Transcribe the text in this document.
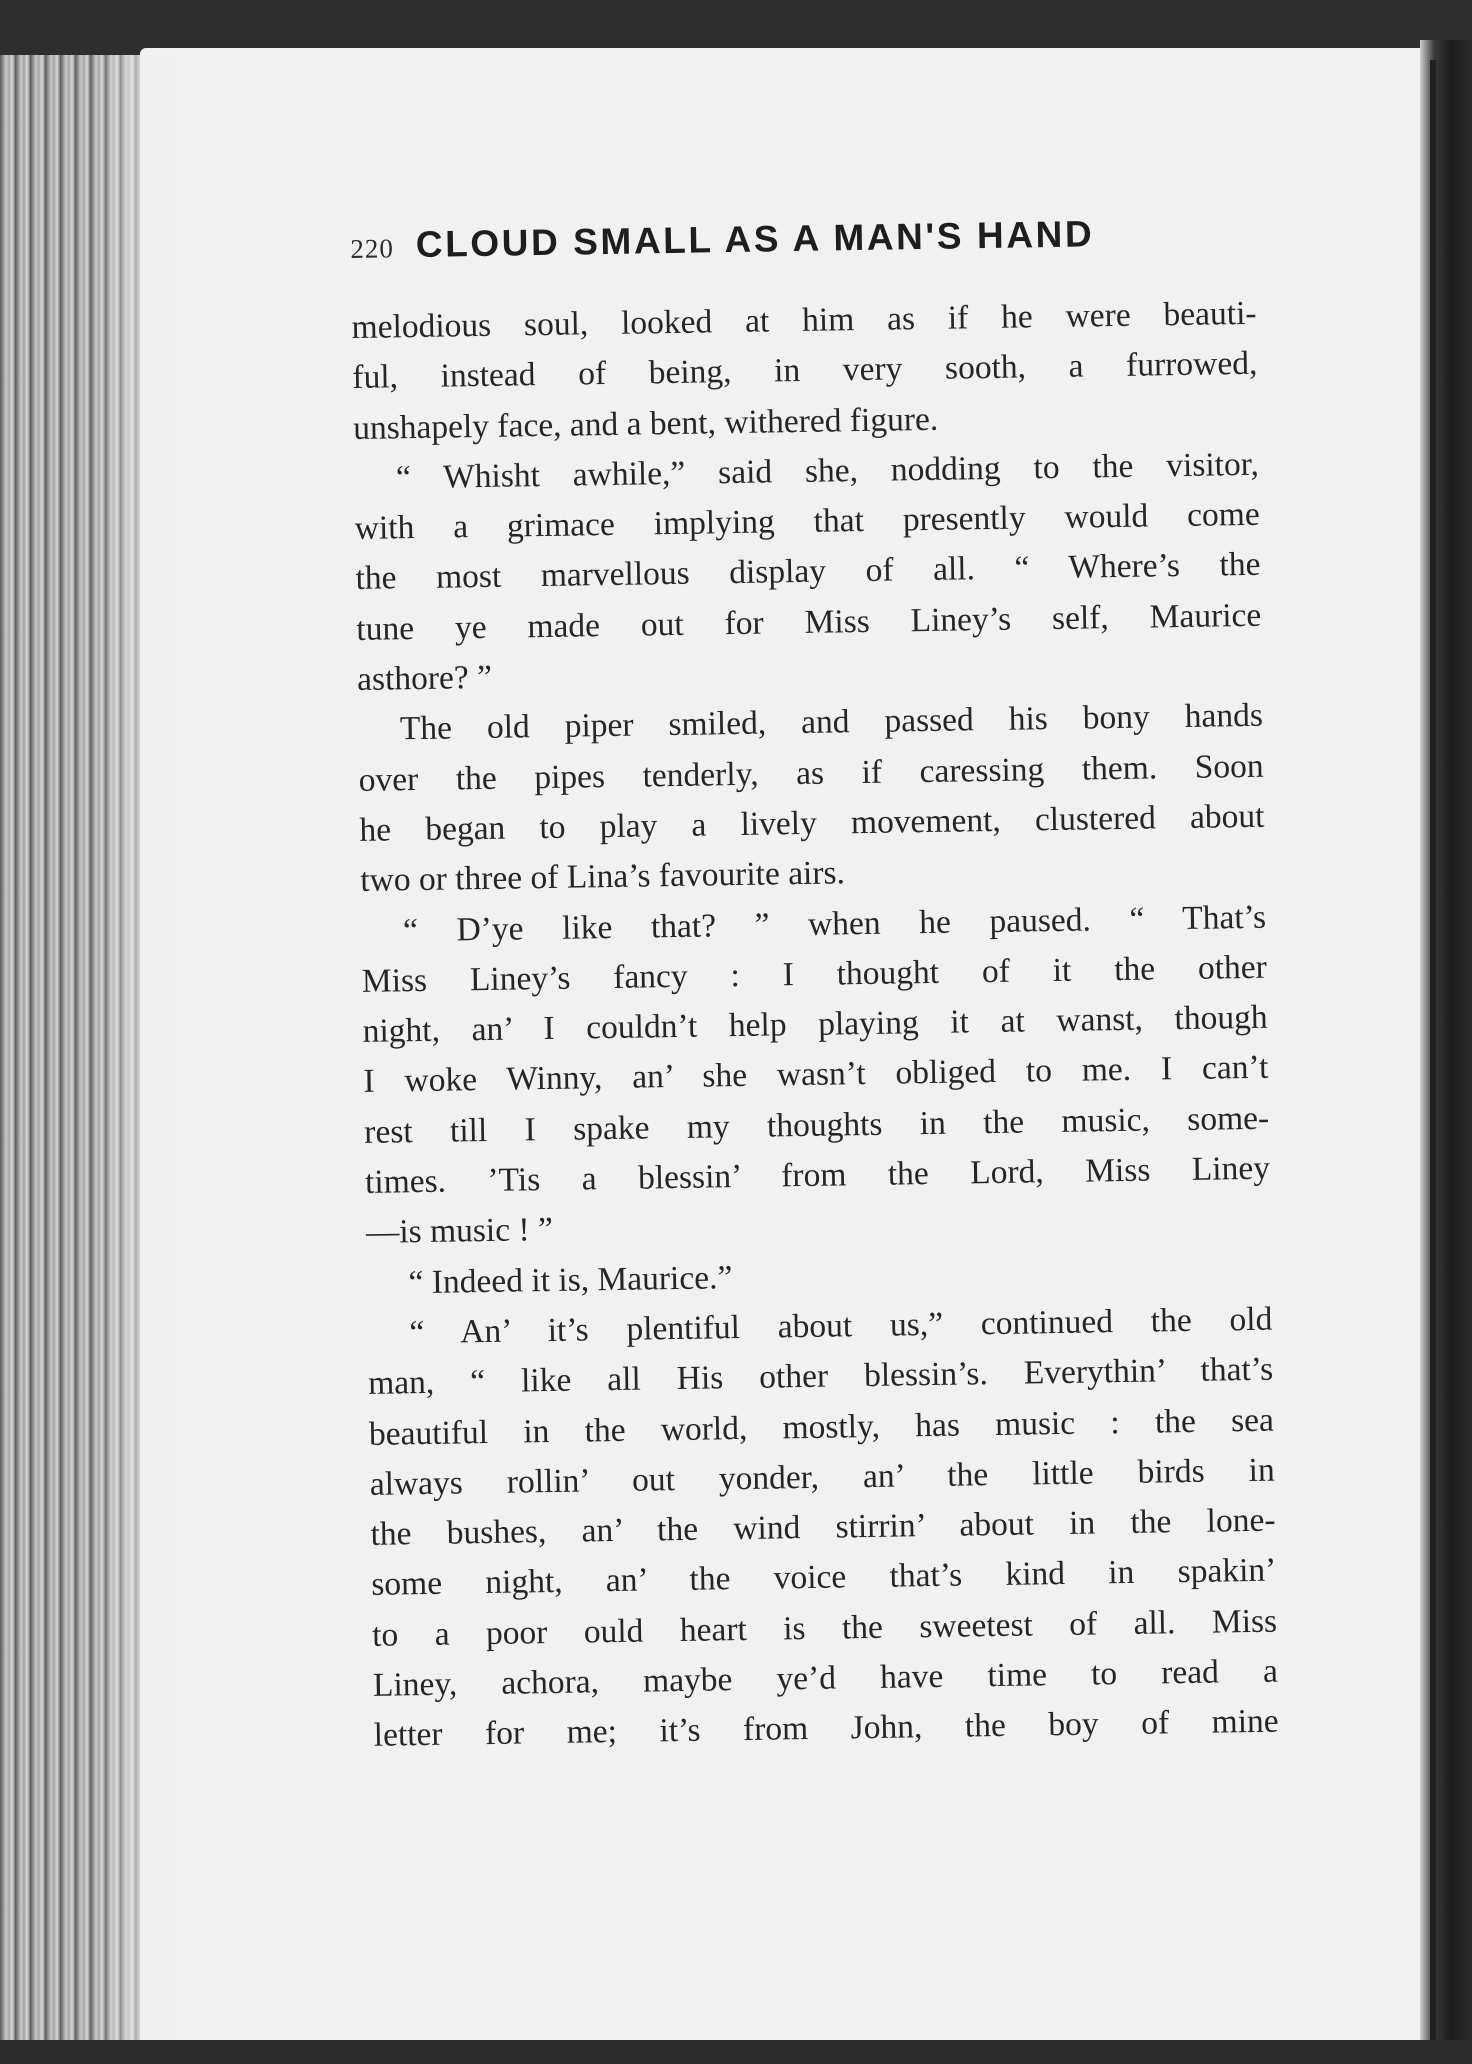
220 CLOUD SMALL AS A MAN'S HAND
melodious soul, looked at him as if he were beauti-
ful, instead of being, in very sooth, a furrowed,
unshapely face, and a bent, withered figure.
“ Whisht awhile,” said she, nodding to the visitor,
with a grimace implying that presently would come
the most marvellous display of all. “ Where’s the
tune ye made out for Miss Liney’s self, Maurice
asthore? ”
The old piper smiled, and passed his bony hands
over the pipes tenderly, as if caressing them. Soon
he began to play a lively movement, clustered about
two or three of Lina’s favourite airs.
“ D’ye like that? ” when he paused. “ That’s
Miss Liney’s fancy : I thought of it the other
night, an’ I couldn’t help playing it at wanst, though
I woke Winny, an’ she wasn’t obliged to me. I can’t
rest till I spake my thoughts in the music, some-
times. ’Tis a blessin’ from the Lord, Miss Liney
—is music ! ”
“ Indeed it is, Maurice.”
“ An’ it’s plentiful about us,” continued the old
man, “ like all His other blessin’s. Everythin’ that’s
beautiful in the world, mostly, has music : the sea
always rollin’ out yonder, an’ the little birds in
the bushes, an’ the wind stirrin’ about in the lone-
some night, an’ the voice that’s kind in spakin’
to a poor ould heart is the sweetest of all. Miss
Liney, achora, maybe ye’d have time to read a
letter for me; it’s from John, the boy of mine
